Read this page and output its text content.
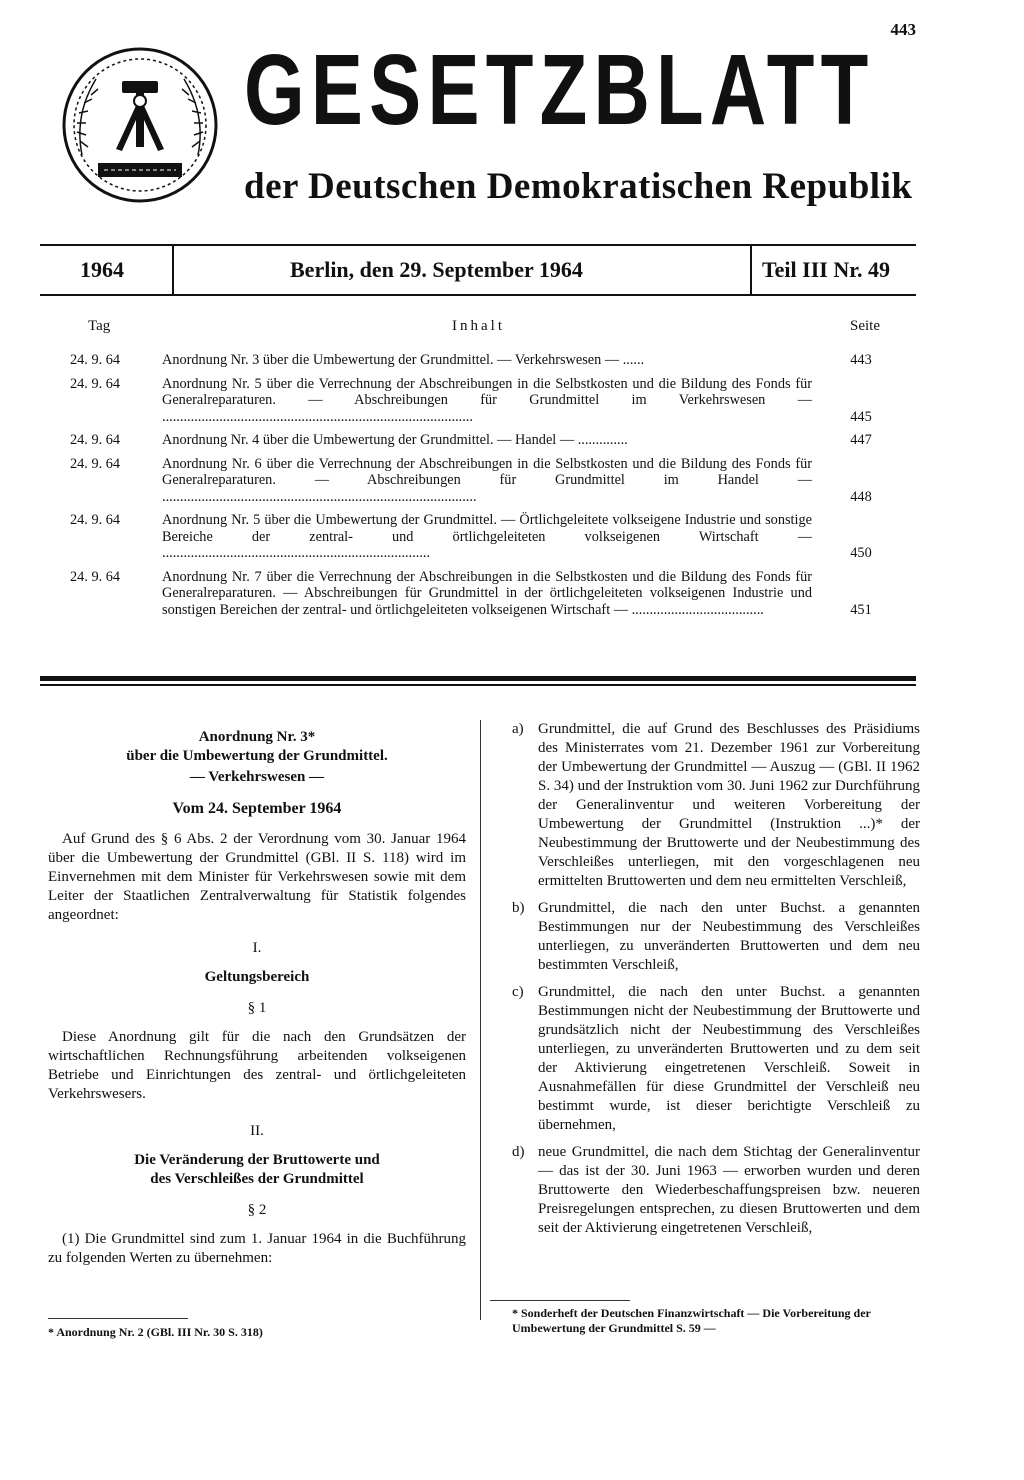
443
GESETZBLATT
der Deutschen Demokratischen Republik
1964	Berlin, den 29. September 1964	Teil III Nr. 49
Tag	Inhalt	Seite
24. 9. 64	Anordnung Nr. 3 über die Umbewertung der Grundmittel. — Verkehrswesen — ......	443
24. 9. 64	Anordnung Nr. 5 über die Verrechnung der Abschreibungen in die Selbstkosten und die Bildung des Fonds für Generalreparaturen. — Abschreibungen für Grundmittel im Verkehrswesen — .......................................................................................	445
24. 9. 64	Anordnung Nr. 4 über die Umbewertung der Grundmittel. — Handel — ..............	447
24. 9. 64	Anordnung Nr. 6 über die Verrechnung der Abschreibungen in die Selbstkosten und die Bildung des Fonds für Generalreparaturen. — Abschreibungen für Grundmittel im Handel — ........................................................................................	448
24. 9. 64	Anordnung Nr. 5 über die Umbewertung der Grundmittel. — Örtlichgeleitete volkseigene Industrie und sonstige Bereiche der zentral- und örtlichgeleiteten volkseigenen Wirtschaft — ...........................................................................	450
24. 9. 64	Anordnung Nr. 7 über die Verrechnung der Abschreibungen in die Selbstkosten und die Bildung des Fonds für Generalreparaturen. — Abschreibungen für Grundmittel in der örtlichgeleiteten volkseigenen Industrie und sonstigen Bereichen der zentral- und örtlichgeleiteten volkseigenen Wirtschaft — .....................................	451
Anordnung Nr. 3*
über die Umbewertung der Grundmittel.
— Verkehrswesen —
Vom 24. September 1964
Auf Grund des § 6 Abs. 2 der Verordnung vom 30. Januar 1964 über die Umbewertung der Grundmittel (GBl. II S. 118) wird im Einvernehmen mit dem Minister für Verkehrswesen sowie mit dem Leiter der Staatlichen Zentralverwaltung für Statistik folgendes angeordnet:
I.
Geltungsbereich
§ 1
Diese Anordnung gilt für die nach den Grundsätzen der wirtschaftlichen Rechnungsführung arbeitenden volkseigenen Betriebe und Einrichtungen des zentral- und örtlichgeleiteten Verkehrswesers.
II.
Die Veränderung der Bruttowerte und
des Verschleißes der Grundmittel
§ 2
(1) Die Grundmittel sind zum 1. Januar 1964 in die Buchführung zu folgenden Werten zu übernehmen:
* Anordnung Nr. 2 (GBl. III Nr. 30 S. 318)
a) Grundmittel, die auf Grund des Beschlusses des Präsidiums des Ministerrates vom 21. Dezember 1961 zur Vorbereitung der Umbewertung der Grundmittel — Auszug — (GBl. II 1962 S. 34) und der Instruktion vom 30. Juni 1962 zur Durchführung der Generalinventur und weiteren Vorbereitung der Umbewertung der Grundmittel (Instruktion ...)* der Neubestimmung der Bruttowerte und der Neubestimmung des Verschleißes unterliegen, mit den vorgeschlagenen neu ermittelten Bruttowerten und dem neu ermittelten Verschleiß,
b) Grundmittel, die nach den unter Buchst. a genannten Bestimmungen nur der Neubestimmung des Verschleißes unterliegen, zu unveränderten Bruttowerten und dem neu bestimmten Verschleiß,
c) Grundmittel, die nach den unter Buchst. a genannten Bestimmungen nicht der Neubestimmung der Bruttowerte und grundsätzlich nicht der Neubestimmung des Verschleißes unterliegen, zu unveränderten Bruttowerten und zu dem seit der Aktivierung eingetretenen Verschleiß. Soweit in Ausnahmefällen für diese Grundmittel der Verschleiß neu bestimmt wurde, ist dieser berichtigte Verschleiß zu übernehmen,
d) neue Grundmittel, die nach dem Stichtag der Generalinventur — das ist der 30. Juni 1963 — erworben wurden und deren Bruttowerte den Wiederbeschaffungspreisen bzw. neueren Preisregelungen entsprechen, zu diesen Bruttowerten und dem seit der Aktivierung eingetretenen Verschleiß,
* Sonderheft der Deutschen Finanzwirtschaft — Die Vorbereitung der Umbewertung der Grundmittel S. 59 —
